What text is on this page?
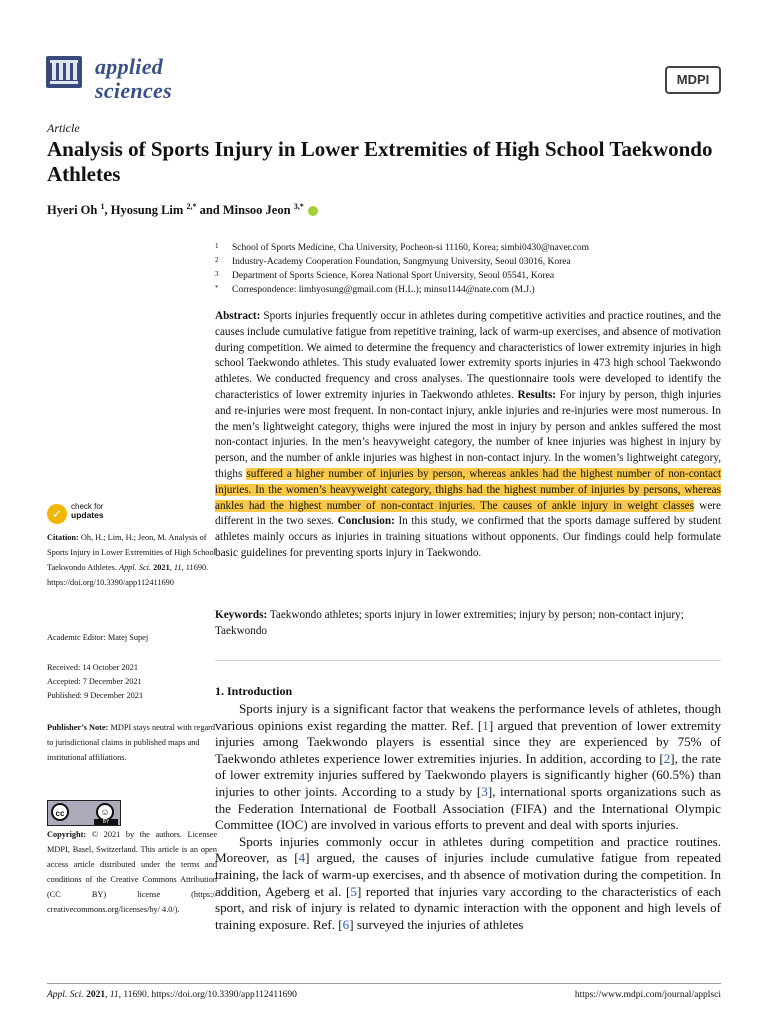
applied
sciences	MDPI
Article
Analysis of Sports Injury in Lower Extremities of High School Taekwondo Athletes
Hyeri Oh $^1$, Hyosung Lim $^{2,*}$ and Minsoo Jeon $^{3,*}$
1 School of Sports Medicine, Cha University, Pocheon-si 11160, Korea; simbi0430@naver.com
2 Industry-Academy Cooperation Foundation, Sangmyung University, Seoul 03016, Korea
3 Department of Sports Science, Korea National Sport University, Seoul 05541, Korea
* Correspondence: limhyosung@gmail.com (H.L.); minsu1144@nate.com (M.J.)
Abstract: Sports injuries frequently occur in athletes during competitive activities and practice routines, and the causes include cumulative fatigue from repetitive training, lack of warm-up exercises, and absence of motivation during competition. We aimed to determine the frequency and characteristics of lower extremity injuries in high school Taekwondo athletes. This study evaluated lower extremity sports injuries in 473 high school Taekwondo athletes. We conducted frequency and cross analyses. The questionnaire tools were developed to identify the characteristics of lower extremity injuries in Taekwondo athletes. Results: For injury by person, thigh injuries and re-injuries were most frequent. In non-contact injury, ankle injuries and re-injuries were most numerous. In the men’s lightweight category, thighs were injured the most in injury by person and ankles suffered the most non-contact injuries. In the men’s heavyweight category, the number of knee injuries was highest in injury by person, and the number of ankle injuries was highest in non-contact injury. In the women’s lightweight category, thighs suffered a higher number of injuries by person, whereas ankles had the highest number of non-contact injuries. In the women’s heavyweight category, thighs had the highest number of injuries by persons, whereas ankles had the highest number of non-contact injuries. The causes of ankle injury in weight classes were different in the two sexes. Conclusion: In this study, we confirmed that the sports damage suffered by student athletes mainly occurs as injuries in training situations without opponents. Our findings could help formulate basic guidelines for preventing sports injury in Taekwondo.
Keywords: Taekwondo athletes; sports injury in lower extremities; injury by person; non-contact injury; Taekwondo
✓
check for
updates
Citation: Oh, H.; Lim, H.; Jeon, M. Analysis of Sports Injury in Lower Extremities of High School Taekwondo Athletes. Appl. Sci. 2021, 11, 11690. https://doi.org/10.3390/app112411690
Academic Editor: Matej Supej
Received: 14 October 2021
Accepted: 7 December 2021
Published: 9 December 2021
Publisher’s Note: MDPI stays neutral with regard to jurisdictional claims in published maps and institutional affiliations.
cc	☺
BY
Copyright: © 2021 by the authors. Licensee MDPI, Basel, Switzerland. This article is an open access article distributed under the terms and conditions of the Creative Commons Attribution (CC BY) license (https:// creativecommons.org/licenses/by/ 4.0/).
1. Introduction

Sports injury is a significant factor that weakens the performance levels of athletes, though various opinions exist regarding the matter. Ref. [1] argued that prevention of lower extremity injuries among Taekwondo players is essential since they are experienced by 75% of Taekwondo athletes experience lower extremities injuries. In addition, according to [2], the rate of lower extremity injuries suffered by Taekwondo players is significantly higher (60.5%) than injuries to other joints. According to a study by [3], international sports organizations such as the Federation International de Football Association (FIFA) and the International Olympic Committee (IOC) are involved in various efforts to prevent and deal with sports injuries.

Sports injuries commonly occur in athletes during competition and practice routines. Moreover, as [4] argued, the causes of injuries include cumulative fatigue from repeated training, the lack of warm-up exercises, and th absence of motivation during the competition. In addition, Ageberg et al. [5] reported that injuries vary according to the characteristics of each sport, and risk of injury is related to dynamic interaction with the opponent and high levels of training exposure. Ref. [6] surveyed the injuries of athletes

Appl. Sci. 2021, 11, 11690. https://doi.org/10.3390/app112411690	https://www.mdpi.com/journal/applsci
